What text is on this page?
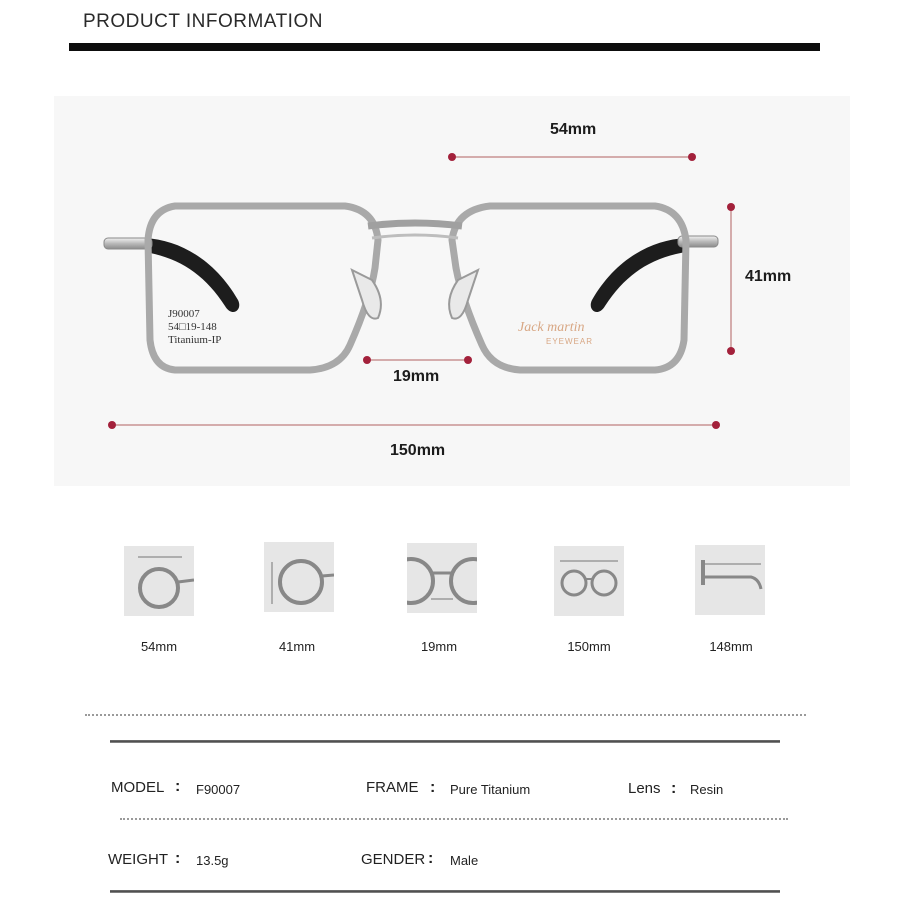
PRODUCT INFORMATION
54mm
41mm
19mm
150mm
J90007
54□19-148
Titanium-IP
Jack martin
EYEWEAR
54mm	41mm	19mm	150mm	148mm
MODEL : F90007	FRAME : Pure Titanium	Lens : Resin
WEIGHT : 13.5g	GENDER : Male
